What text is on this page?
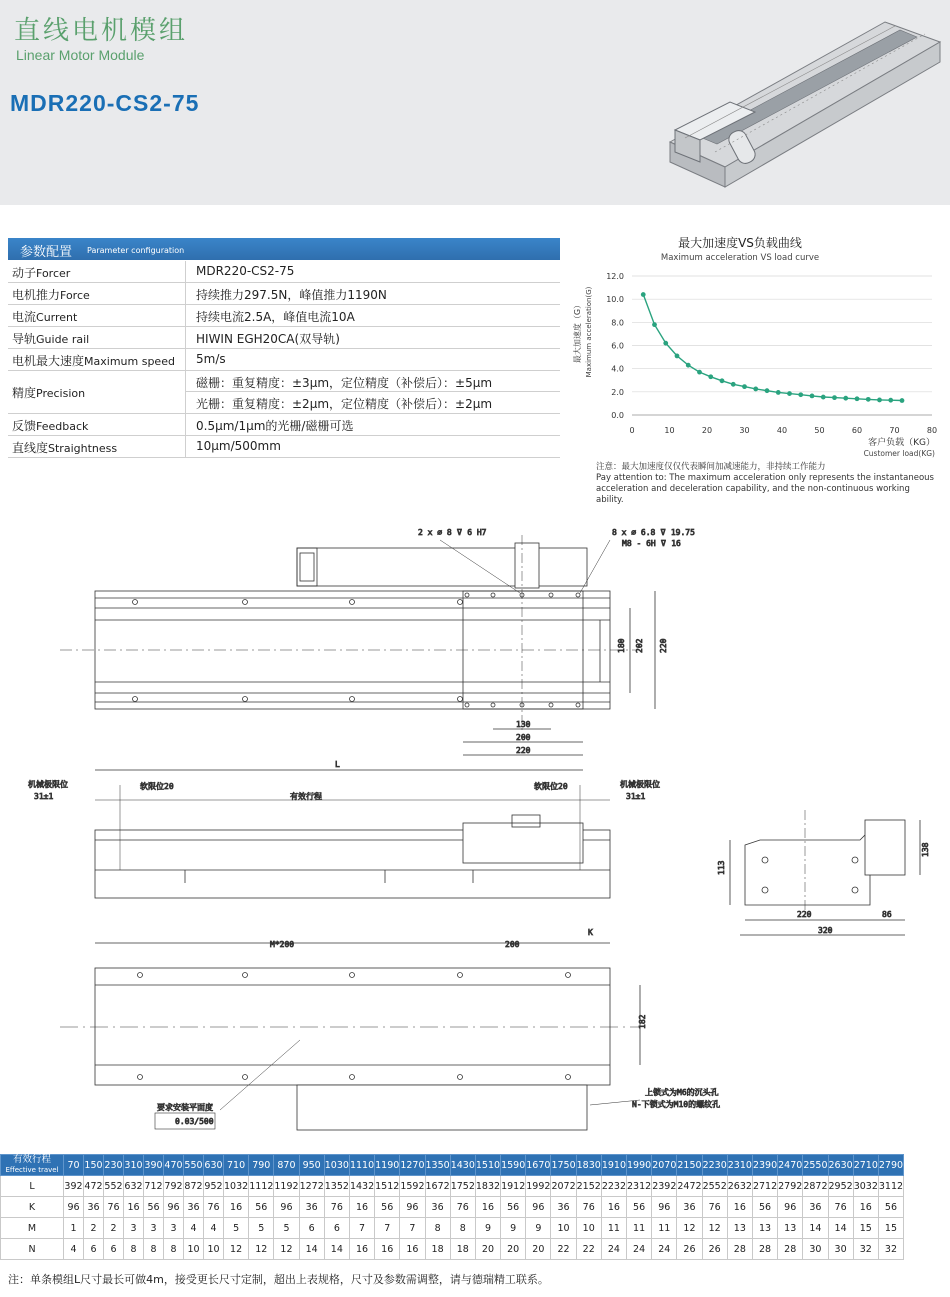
直线电机模组
Linear Motor Module
MDR220-CS2-75
参数配置 Parameter configuration
动子Forcer	MDR220-CS2-75
电机推力Force	持续推力297.5N，峰值推力1190N
电流Current	持续电流2.5A，峰值电流10A
导轨Guide rail	HIWIN EGH20CA(双导轨)
电机最大速度Maximum speed 5m/s
精度Precision
磁栅：重复精度：±3μm，定位精度（补偿后）：±5μm
光栅：重复精度：±2μm，定位精度（补偿后）：±2μm
反馈Feedback	0.5μm/1μm的光栅/磁栅可选
直线度Straightness	10μm/500mm
最大加速度VS负载曲线
Maximum acceleration VS load curve
0.0
2.0
4.0
6.0
8.0
10.0
12.0
0	10	20	30	40	50	60	70	80
最大加速度（G） Maximum acceleration(G)
客户负载（KG）
Customer load(KG)
注意：最大加速度仅仅代表瞬间加减速能力，非持续工作能力
Pay attention to: The maximum acceleration only represents the instantaneous acceleration and deceleration capability, and the non-continuous working ability.
2 x ∅ 8 ⊽ 6 H7	8 x ∅ 6.8 ⊽ 19.75
M8 - 6H ⊽ 16
180 202 220
130
200
220
L
机械极限位
31±1
软限位20
有效行程
软限位20	机械极限位
31±1
113
138
220	86
320
M*200	200
K
182
要求安装平面度
0.03/500
上锁式为M6的沉头孔
N-下锁式为M10的螺纹孔
有效行程
Effective travel	70	150	230	310	390	470	550	630	710	790	870	950	1030	1110	1190	1270	1350	1430	1510	1590	1670	1750	1830	1910	1990	2070	2150	2230	2310	2390	2470	2550	2630	2710	2790
L	392	472	552	632	712	792	872	952	1032	1112	1192	1272	1352	1432	1512	1592	1672	1752	1832	1912	1992	2072	2152	2232	2312	2392	2472	2552	2632	2712	2792	2872	2952	3032	3112
K	96	36	76	16	56	96	36	76	16	56	96	36	76	16	56	96	36	76	16	56	96	36	76	16	56	96	36	76	16	56	96	36	76	16	56
M	1	2	2	3	3	3	4	4	5	5	5	6	6	7	7	7	8	8	9	9	9	10	10	11	11	11	12	12	13	13	13	14	14	15	15
N	4	6	6	8	8	8	10	10	12	12	12	14	14	16	16	16	18	18	20	20	20	22	22	24	24	24	26	26	28	28	28	30	30	32	32
注：单条模组L尺寸最长可做4m，接受更长尺寸定制，超出上表规格，尺寸及参数需调整，请与德瑞精工联系。
